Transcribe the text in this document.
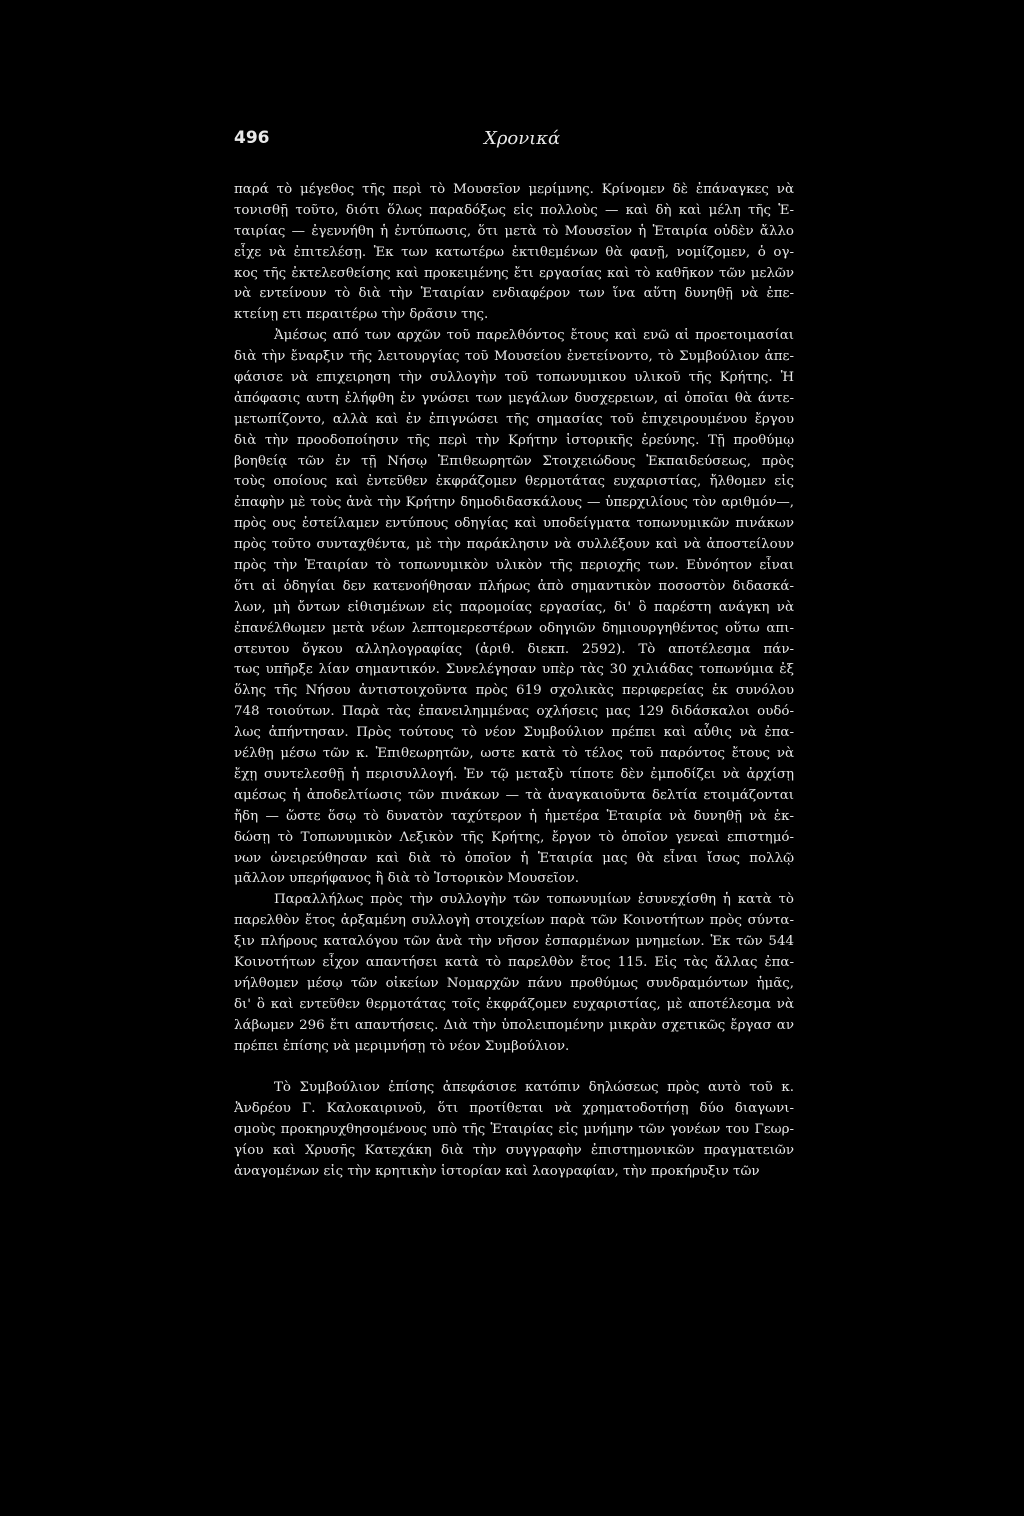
496	Χρονικά
παρά τὸ μέγεθος τῆς περὶ τὸ Μουσεῖον μερίμνης. Κρίνομεν δὲ ἐπάναγκες νὰ
τονισθῇ τοῦτο, διότι ὅλως παραδόξως εἰς πολλοὺς — καὶ δὴ καὶ μέλη τῆς Ἑ-
ταιρίας — ἐγεννήθη ἡ ἐντύπωσις, ὅτι μετὰ τὸ Μουσεῖον ἡ Ἑταιρία οὐδὲν ἄλλο
εἶχε νὰ ἐπιτελέσῃ. Ἐκ των κατωτέρω ἐκτιθεμένων θὰ φανῇ, νομίζομεν, ὁ ογ-
κος τῆς ἐκτελεσθείσης καὶ προκειμένης ἔτι εργασίας καὶ τὸ καθῆκον τῶν μελῶν
νὰ εντείνουν τὸ διὰ τὴν Ἑταιρίαν ενδιαφέρον των ἵνα αὕτη δυνηθῇ νὰ ἐπε-
κτείνῃ ετι περαιτέρω τὴν δρᾶσιν της.
Ἀμέσως από των αρχῶν τοῦ παρελθόντος ἔτους καὶ ενῶ αἱ προετοιμασίαι
διὰ τὴν ἔναρξιν τῆς λειτουργίας τοῦ Μουσείου ἐνετείνοντο, τὸ Συμβούλιον ἀπε-
φάσισε νὰ επιχειρηση τὴν συλλογὴν τοῦ τοπωνυμικου υλικοῦ τῆς Κρήτης. Ἡ
ἀπόφασις αυτη ἐλήφθη ἐν γνώσει των μεγάλων δυσχερειων, αἱ ὁποῖαι θὰ άντε-
μετωπίζοντο, αλλὰ καὶ ἐν ἐπιγνώσει τῆς σημασίας τοῦ ἐπιχειρουμένου ἔργου
διὰ τὴν προοδοποίησιν τῆς περὶ τὴν Κρήτην ἱστορικῆς ἐρεύνης. Τῇ προθύμῳ
βοηθείᾳ τῶν ἐν τῇ Νήσῳ Ἐπιθεωρητῶν Στοιχειώδους Ἐκπαιδεύσεως, πρὸς
τοὺς οποίους καὶ ἐντεῦθεν ἐκφράζομεν θερμοτάτας ευχαριστίας, ἤλθομεν εἰς
ἐπαφὴν μὲ τοὺς ἀνὰ τὴν Κρήτην δημοδιδασκάλους — ὑπερχιλίους τὸν αριθμόν—,
πρὸς ους ἐστείλαμεν εντύπους οδηγίας καὶ υποδείγματα τοπωνυμικῶν πινάκων
πρὸς τοῦτο συνταχθέντα, μὲ τὴν παράκλησιν νὰ συλλέξουν καὶ νὰ ἀποστείλουν
πρὸς τὴν Ἑταιρίαν τὸ τοπωνυμικὸν υλικὸν τῆς περιοχῆς των. Εὐνόητον εἶναι
ὅτι αἱ ὁδηγίαι δεν κατενοήθησαν πλήρως ἀπὸ σημαντικὸν ποσοστὸν διδασκά-
λων, μὴ ὄντων εἰθισμένων εἰς παρομοίας εργασίας, δι' ὃ παρέστη ανάγκη νὰ
ἐπανέλθωμεν μετὰ νέων λεπτομερεστέρων οδηγιῶν δημιουργηθέντος οὕτω απι-
στευτου ὄγκου αλληλογραφίας (ἀριθ. διεκπ. 2592). Τὸ αποτέλεσμα πάν-
τως υπῆρξε λίαν σημαντικόν. Συνελέγησαν υπὲρ τὰς 30 χιλιάδας τοπωνύμια ἐξ
ὅλης τῆς Νήσου ἀντιστοιχοῦντα πρὸς 619 σχολικὰς περιφερείας ἐκ συνόλου
748 τοιούτων. Παρὰ τὰς ἐπανειλημμένας οχλήσεις μας 129 διδάσκαλοι ουδό-
λως ἀπήντησαν. Πρὸς τούτους τὸ νέον Συμβούλιον πρέπει καὶ αὖθις νὰ ἐπα-
νέλθῃ μέσω τῶν κ. Ἐπιθεωρητῶν, ωστε κατὰ τὸ τέλος τοῦ παρόντος ἔτους νὰ
ἔχῃ συντελεσθῇ ἡ περισυλλογή. Ἐν τῷ μεταξὺ τίποτε δὲν ἐμποδίζει νὰ ἀρχίσῃ
αμέσως ἡ ἀποδελτίωσις τῶν πινάκων — τὰ ἀναγκαιοῦντα δελτία ετοιμάζονται
ἤδη — ὥστε ὅσῳ τὸ δυνατὸν ταχύτερον ἡ ἡμετέρα Ἑταιρία νὰ δυνηθῇ νὰ ἐκ-
δώσῃ τὸ Τοπωνυμικὸν Λεξικὸν τῆς Κρήτης, ἔργον τὸ ὁποῖον γενεαὶ επιστημό-
νων ὠνειρεύθησαν καὶ διὰ τὸ ὁποῖον ἡ Ἑταιρία μας θὰ εἶναι ἴσως πολλῷ
μᾶλλον υπερήφανος ἢ διὰ τὸ Ἱστορικὸν Μουσεῖον.
Παραλλήλως πρὸς τὴν συλλογὴν τῶν τοπωνυμίων ἐσυνεχίσθη ἡ κατὰ τὸ
παρελθὸν ἔτος ἀρξαμένη συλλογὴ στοιχείων παρὰ τῶν Κοινοτήτων πρὸς σύντα-
ξιν πλήρους καταλόγου τῶν ἀνὰ τὴν νῆσον ἐσπαρμένων μνημείων. Ἐκ τῶν 544
Κοινοτήτων εἶχον απαντήσει κατὰ τὸ παρελθὸν ἔτος 115. Εἰς τὰς ἄλλας ἐπα-
νήλθομεν μέσῳ τῶν οἰκείων Νομαρχῶν πάνυ προθύμως συνδραμόντων ἡμᾶς,
δι' ὃ καὶ εντεῦθεν θερμοτάτας τοῖς ἐκφράζομεν ευχαριστίας, μὲ αποτέλεσμα νὰ
λάβωμεν 296 ἔτι απαντήσεις. Διὰ τὴν ὑπολειπομένην μικρὰν σχετικῶς ἔργασ αν
πρέπει ἐπίσης νὰ μεριμνήσῃ τὸ νέον Συμβούλιον.
Τὸ Συμβούλιον ἐπίσης ἀπεφάσισε κατόπιν δηλώσεως πρὸς αυτὸ τοῦ κ.
Ἀνδρέου Γ. Καλοκαιρινοῦ, ὅτι προτίθεται νὰ χρηματοδοτήσῃ δύο διαγωνι-
σμοὺς προκηρυχθησομένους υπὸ τῆς Ἑταιρίας εἰς μνήμην τῶν γονέων του Γεωρ-
γίου καὶ Χρυσῆς Κατεχάκη διὰ τὴν συγγραφὴν ἐπιστημονικῶν πραγματειῶν
ἀναγομένων εἰς τὴν κρητικὴν ἱστορίαν καὶ λαογραφίαν, τὴν προκήρυξιν τῶν
